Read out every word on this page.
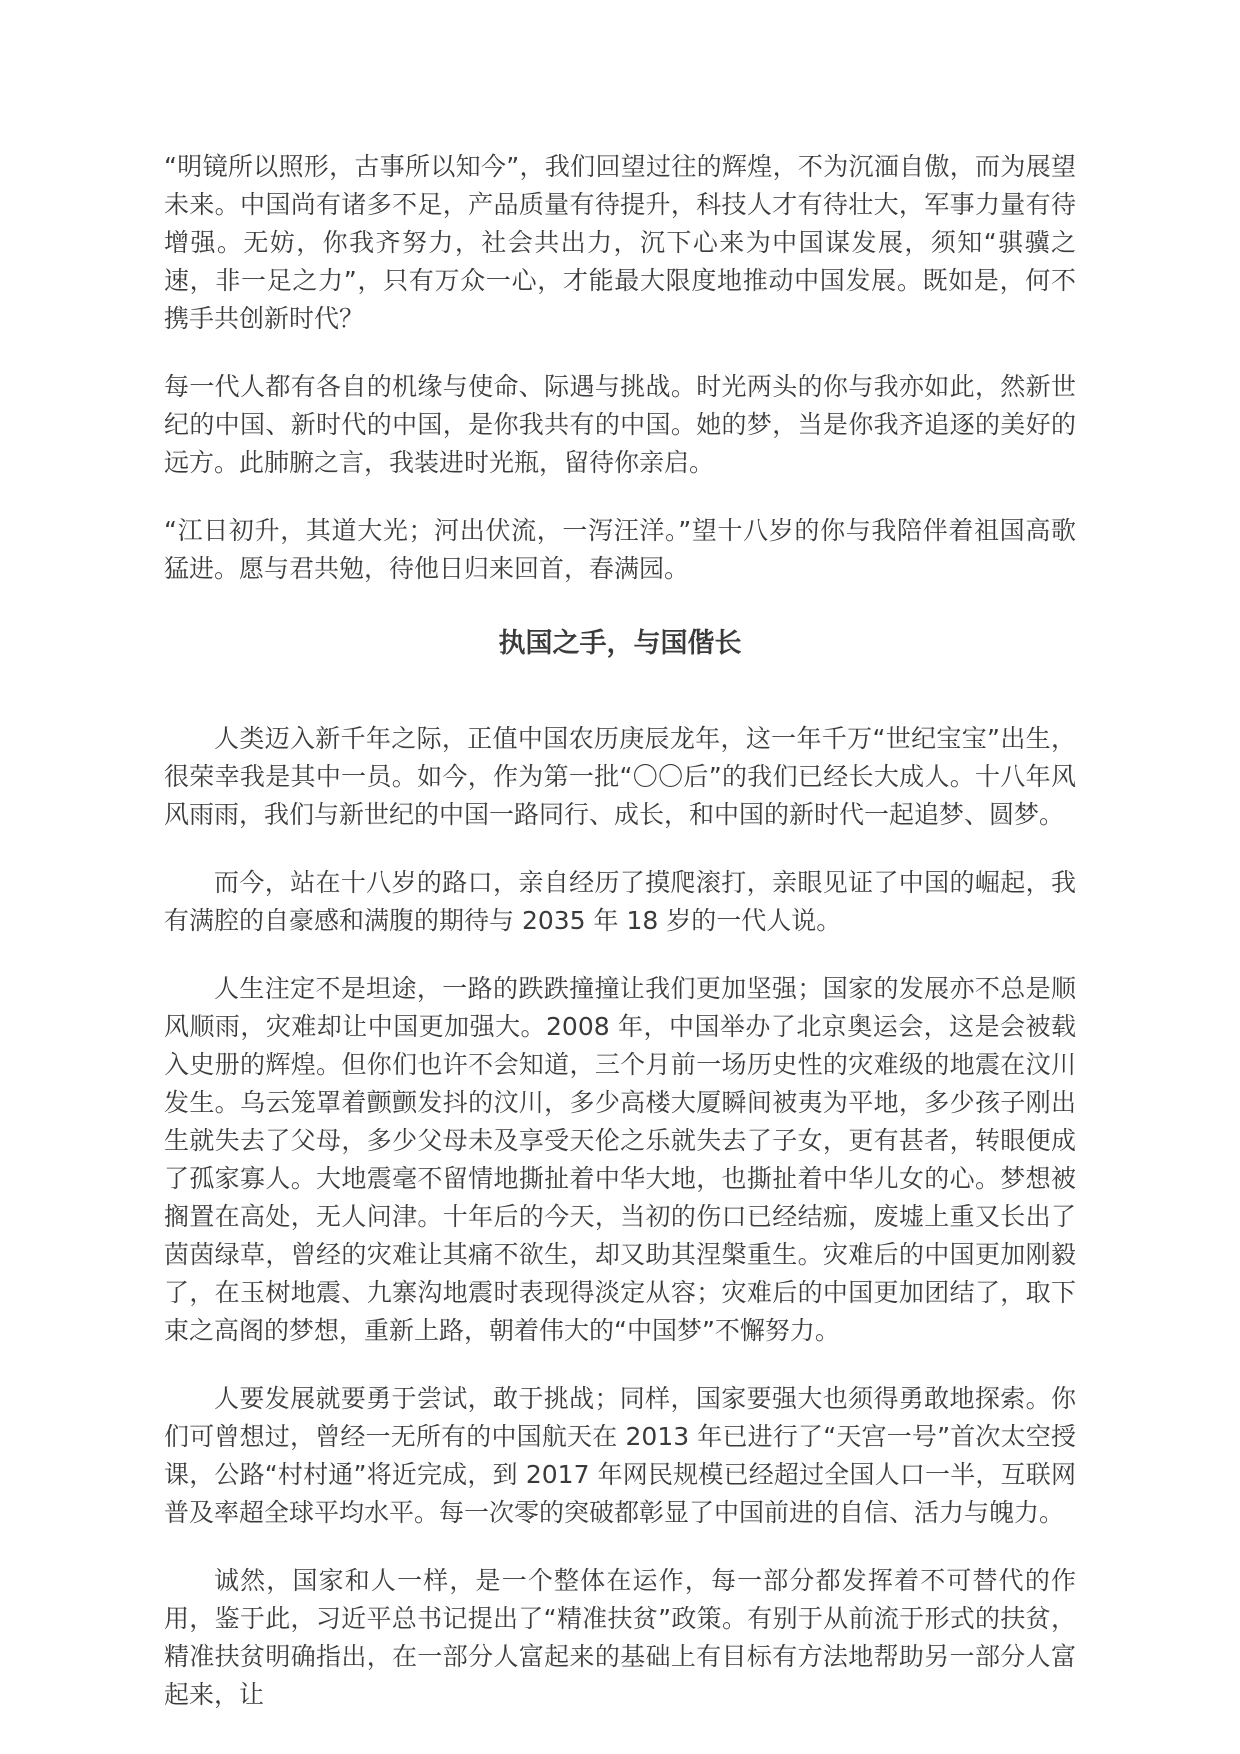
“明镜所以照形，古事所以知今”，我们回望过往的辉煌，不为沉湎自傲，而为展望未来。中国尚有诸多不足，产品质量有待提升，科技人才有待壮大，军事力量有待增强。无妨，你我齐努力，社会共出力，沉下心来为中国谋发展，须知“骐骥之速，非一足之力”，只有万众一心，才能最大限度地推动中国发展。既如是，何不携手共创新时代？

每一代人都有各自的机缘与使命、际遇与挑战。时光两头的你与我亦如此，然新世纪的中国、新时代的中国，是你我共有的中国。她的梦，当是你我齐追逐的美好的远方。此肺腑之言，我装进时光瓶，留待你亲启。

“江日初升，其道大光；河出伏流，一泻汪洋。”望十八岁的你与我陪伴着祖国高歌猛进。愿与君共勉，待他日归来回首，春满园。

执国之手，与国偕长

人类迈入新千年之际，正值中国农历庚辰龙年，这一年千万“世纪宝宝”出生，很荣幸我是其中一员。如今，作为第一批“〇〇后”的我们已经长大成人。十八年风风雨雨，我们与新世纪的中国一路同行、成长，和中国的新时代一起追梦、圆梦。

而今，站在十八岁的路口，亲自经历了摸爬滚打，亲眼见证了中国的崛起，我有满腔的自豪感和满腹的期待与 2035 年 18 岁的一代人说。

人生注定不是坦途，一路的跌跌撞撞让我们更加坚强；国家的发展亦不总是顺风顺雨，灾难却让中国更加强大。2008 年，中国举办了北京奥运会，这是会被载入史册的辉煌。但你们也许不会知道，三个月前一场历史性的灾难级的地震在汶川发生。乌云笼罩着颤颤发抖的汶川，多少高楼大厦瞬间被夷为平地，多少孩子刚出生就失去了父母，多少父母未及享受天伦之乐就失去了子女，更有甚者，转眼便成了孤家寡人。大地震毫不留情地撕扯着中华大地，也撕扯着中华儿女的心。梦想被搁置在高处，无人问津。十年后的今天，当初的伤口已经结痂，废墟上重又长出了茵茵绿草，曾经的灾难让其痛不欲生，却又助其涅槃重生。灾难后的中国更加刚毅了，在玉树地震、九寨沟地震时表现得淡定从容；灾难后的中国更加团结了，取下束之高阁的梦想，重新上路，朝着伟大的“中国梦”不懈努力。

人要发展就要勇于尝试，敢于挑战；同样，国家要强大也须得勇敢地探索。你们可曾想过，曾经一无所有的中国航天在 2013 年已进行了“天宫一号”首次太空授课，公路“村村通”将近完成，到 2017 年网民规模已经超过全国人口一半，互联网普及率超全球平均水平。每一次零的突破都彰显了中国前进的自信、活力与魄力。

诚然，国家和人一样，是一个整体在运作，每一部分都发挥着不可替代的作用，鉴于此，习近平总书记提出了“精准扶贫”政策。有别于从前流于形式的扶贫，精准扶贫明确指出，在一部分人富起来的基础上有目标有方法地帮助另一部分人富起来，让
